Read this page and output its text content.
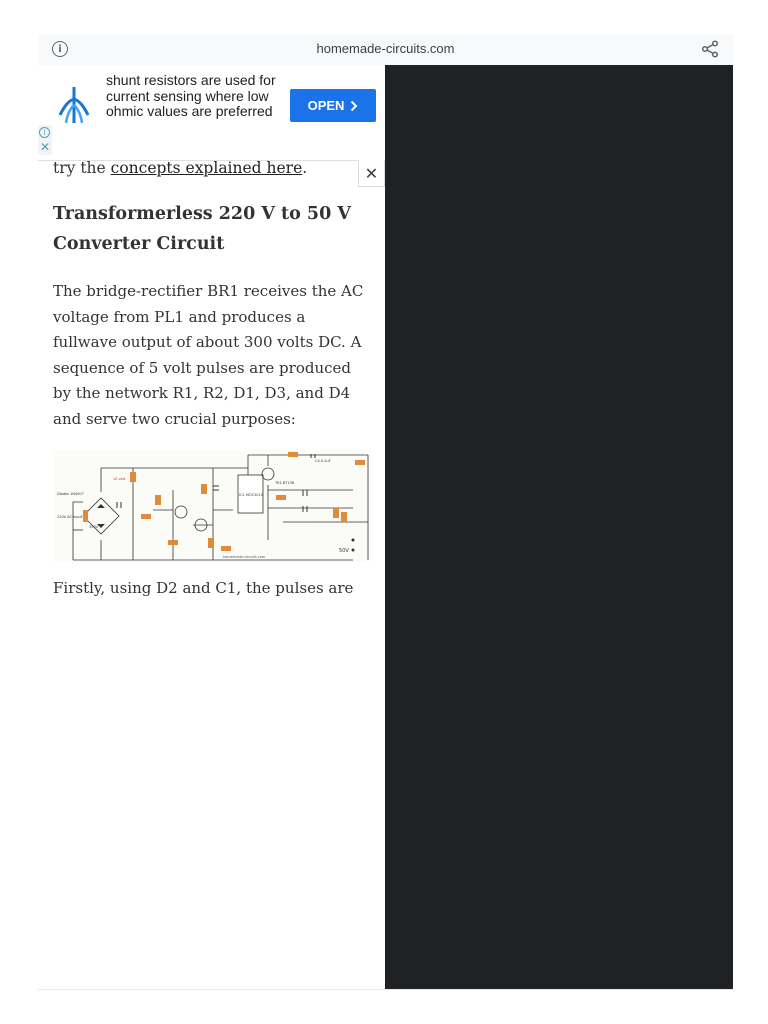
i	homemade-circuits.com
shunt resistors are used for current sensing where low ohmic values are preferred	OPEN
i
✕
✕

try the concepts explained here.

Transformerless 220 V to 50 V Converter Circuit

The bridge-rectifier BR1 receives the AC voltage from PL1 and produces a fullwave output of about 300 volts DC. A sequence of 5 volt pulses are produced by the network R1, R2, D1, D3, and D4 and serve two crucial purposes:

Diodes 1N4007
220V AC Input
350V
IC1 MOC3010
TR1 BT136
C4 0.1uF
50V
homemade-circuits.com
10 volt

Firstly, using D2 and C1, the pulses are
